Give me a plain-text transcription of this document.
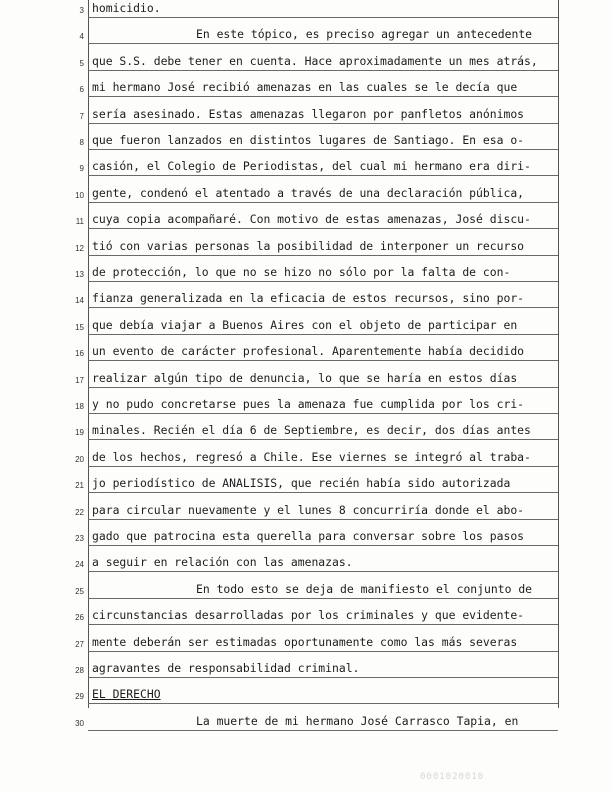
3 homicidio.
4	En este tópico, es preciso agregar un antecedente
5 que S.S. debe tener en cuenta. Hace aproximadamente un mes atrás,
6 mi hermano José recibió amenazas en las cuales se le decía que
7 sería asesinado. Estas amenazas llegaron por panfletos anónimos
8 que fueron lanzados en distintos lugares de Santiago. En esa o-
9 casión, el Colegio de Periodistas, del cual mi hermano era diri-
10 gente, condenó el atentado a través de una declaración pública,
11 cuya copia acompañaré. Con motivo de estas amenazas, José discu-
12 tió con varias personas la posibilidad de interponer un recurso
13 de protección, lo que no se hizo no sólo por la falta de con-
14 fianza generalizada en la eficacia de estos recursos, sino por-
15 que debía viajar a Buenos Aires con el objeto de participar en
16 un evento de carácter profesional. Aparentemente había decidido
17 realizar algún tipo de denuncia, lo que se haría en estos días
18 y no pudo concretarse pues la amenaza fue cumplida por los cri-
19 minales. Recién el día 6 de Septiembre, es decir, dos días antes
20 de los hechos, regresó a Chile. Ese viernes se integró al traba-
21 jo periodístico de ANALISIS, que recién había sido autorizada
22 para circular nuevamente y el lunes 8 concurriría donde el abo-
23 gado que patrocina esta querella para conversar sobre los pasos
24 a seguir en relación con las amenazas.
25	En todo esto se deja de manifiesto el conjunto de
26 circunstancias desarrolladas por los criminales y que evidente-
27 mente deberán ser estimadas oportunamente como las más severas
28 agravantes de responsabilidad criminal.
29 EL DERECHO
30	La muerte de mi hermano José Carrasco Tapia, en
0001020010
